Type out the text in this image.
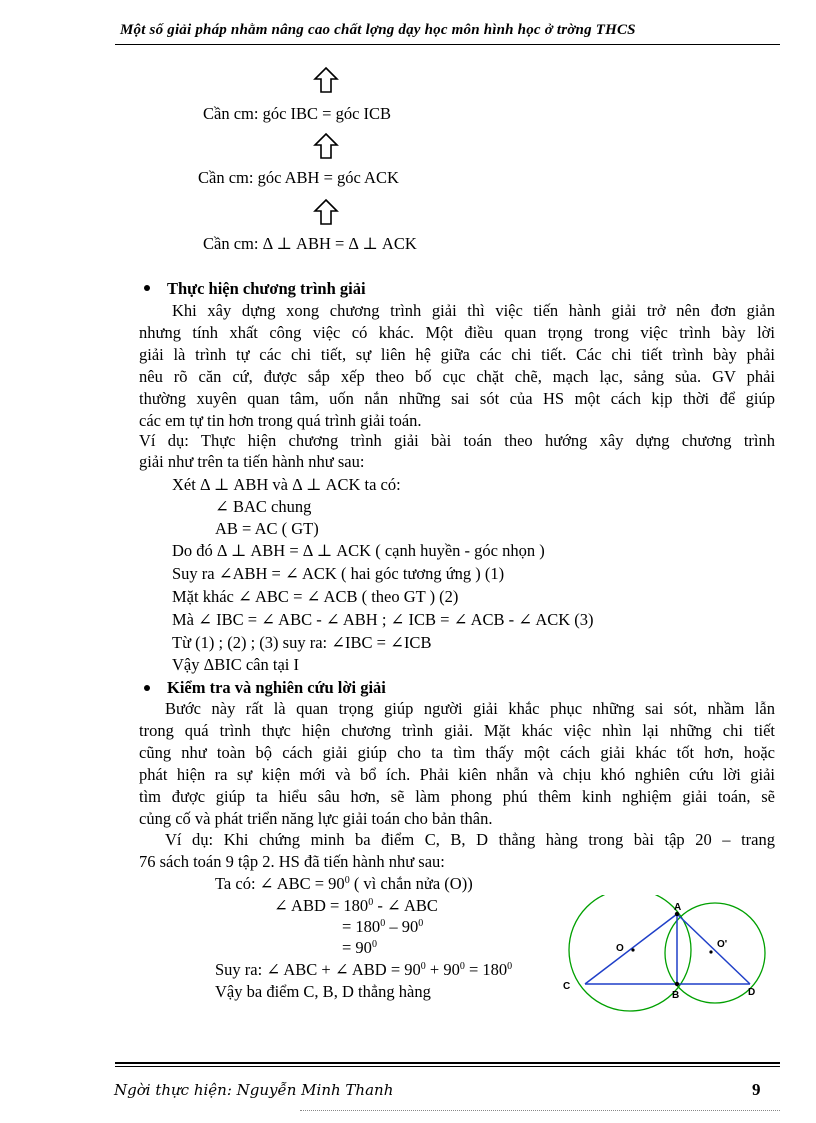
Một số giải pháp nhằm nâng cao chất lợng dạy học môn hình học ở trờng THCS
Cần cm: góc IBC = góc ICB
Cần cm: góc ABH = góc ACK
Cần cm: Δ ⊥ ABH = Δ ⊥ ACK
Thực hiện chương trình giải
Khi xây dựng xong chương trình giải thì việc tiến hành giải trở nên đơn giản
nhưng tính xhất công việc có khác. Một điều quan trọng trong việc trình bày lời
giải là trình tự các chi tiết, sự liên hệ giữa các chi tiết. Các chi tiết trình bày phải
nêu rõ căn cứ, được sắp xếp theo bố cục chặt chẽ, mạch lạc, sảng sủa. GV phải
thường xuyên quan tâm, uốn nắn những sai sót của HS một cách kịp thời để giúp
các em tự tin hơn trong quá trình giải toán.
Ví dụ: Thực hiện chương trình giải bài toán theo hướng xây dựng chương trình
giải như trên ta tiến hành như sau:
Xét Δ ⊥ ABH và Δ ⊥ ACK ta có:
∠ BAC chung
AB = AC ( GT)
Do đó Δ ⊥ ABH = Δ ⊥ ACK ( cạnh huyền - góc nhọn )
Suy ra ∠ABH = ∠ ACK ( hai góc tương ứng ) (1)
Mặt khác ∠ ABC = ∠ ACB ( theo GT ) (2)
Mà ∠ IBC = ∠ ABC - ∠ ABH ; ∠ ICB = ∠ ACB - ∠ ACK (3)
Từ (1) ; (2) ; (3) suy ra: ∠IBC = ∠ICB
Vậy ΔBIC cân tại I
Kiểm tra và nghiên cứu lời giải
Bước này rất là quan trọng giúp người giải khắc phục những sai sót, nhầm lẫn
trong quá trình thực hiện chương trình giải. Mặt khác việc nhìn lại những chi tiết
cũng như toàn bộ cách giải giúp cho ta tìm thấy một cách giải khác tốt hơn, hoặc
phát hiện ra sự kiện mới và bổ ích. Phải kiên nhẫn và chịu khó nghiên cứu lời giải
tìm được giúp ta hiểu sâu hơn, sẽ làm phong phú thêm kinh nghiệm giải toán, sẽ
củng cố và phát triển năng lực giải toán cho bản thân.
Ví dụ: Khi chứng minh ba điểm C, B, D thẳng hàng trong bài tập 20 – trang
76 sách toán 9 tập 2. HS đã tiến hành như sau:
Ta có: ∠ ABC = $90^0$ ( vì chắn nửa (O))
∠ ABD = $180^0$ - ∠ ABC
= $180^0 - 90^0$
= $90^0$
Suy ra: ∠ ABC + ∠ ABD = $90^0 + 90^0 = 180^0$
Vậy ba điểm C, B, D thẳng hàng
A
B
C
D
O	O'
Ngời thực hiện: Nguyễn Minh Thanh	9
